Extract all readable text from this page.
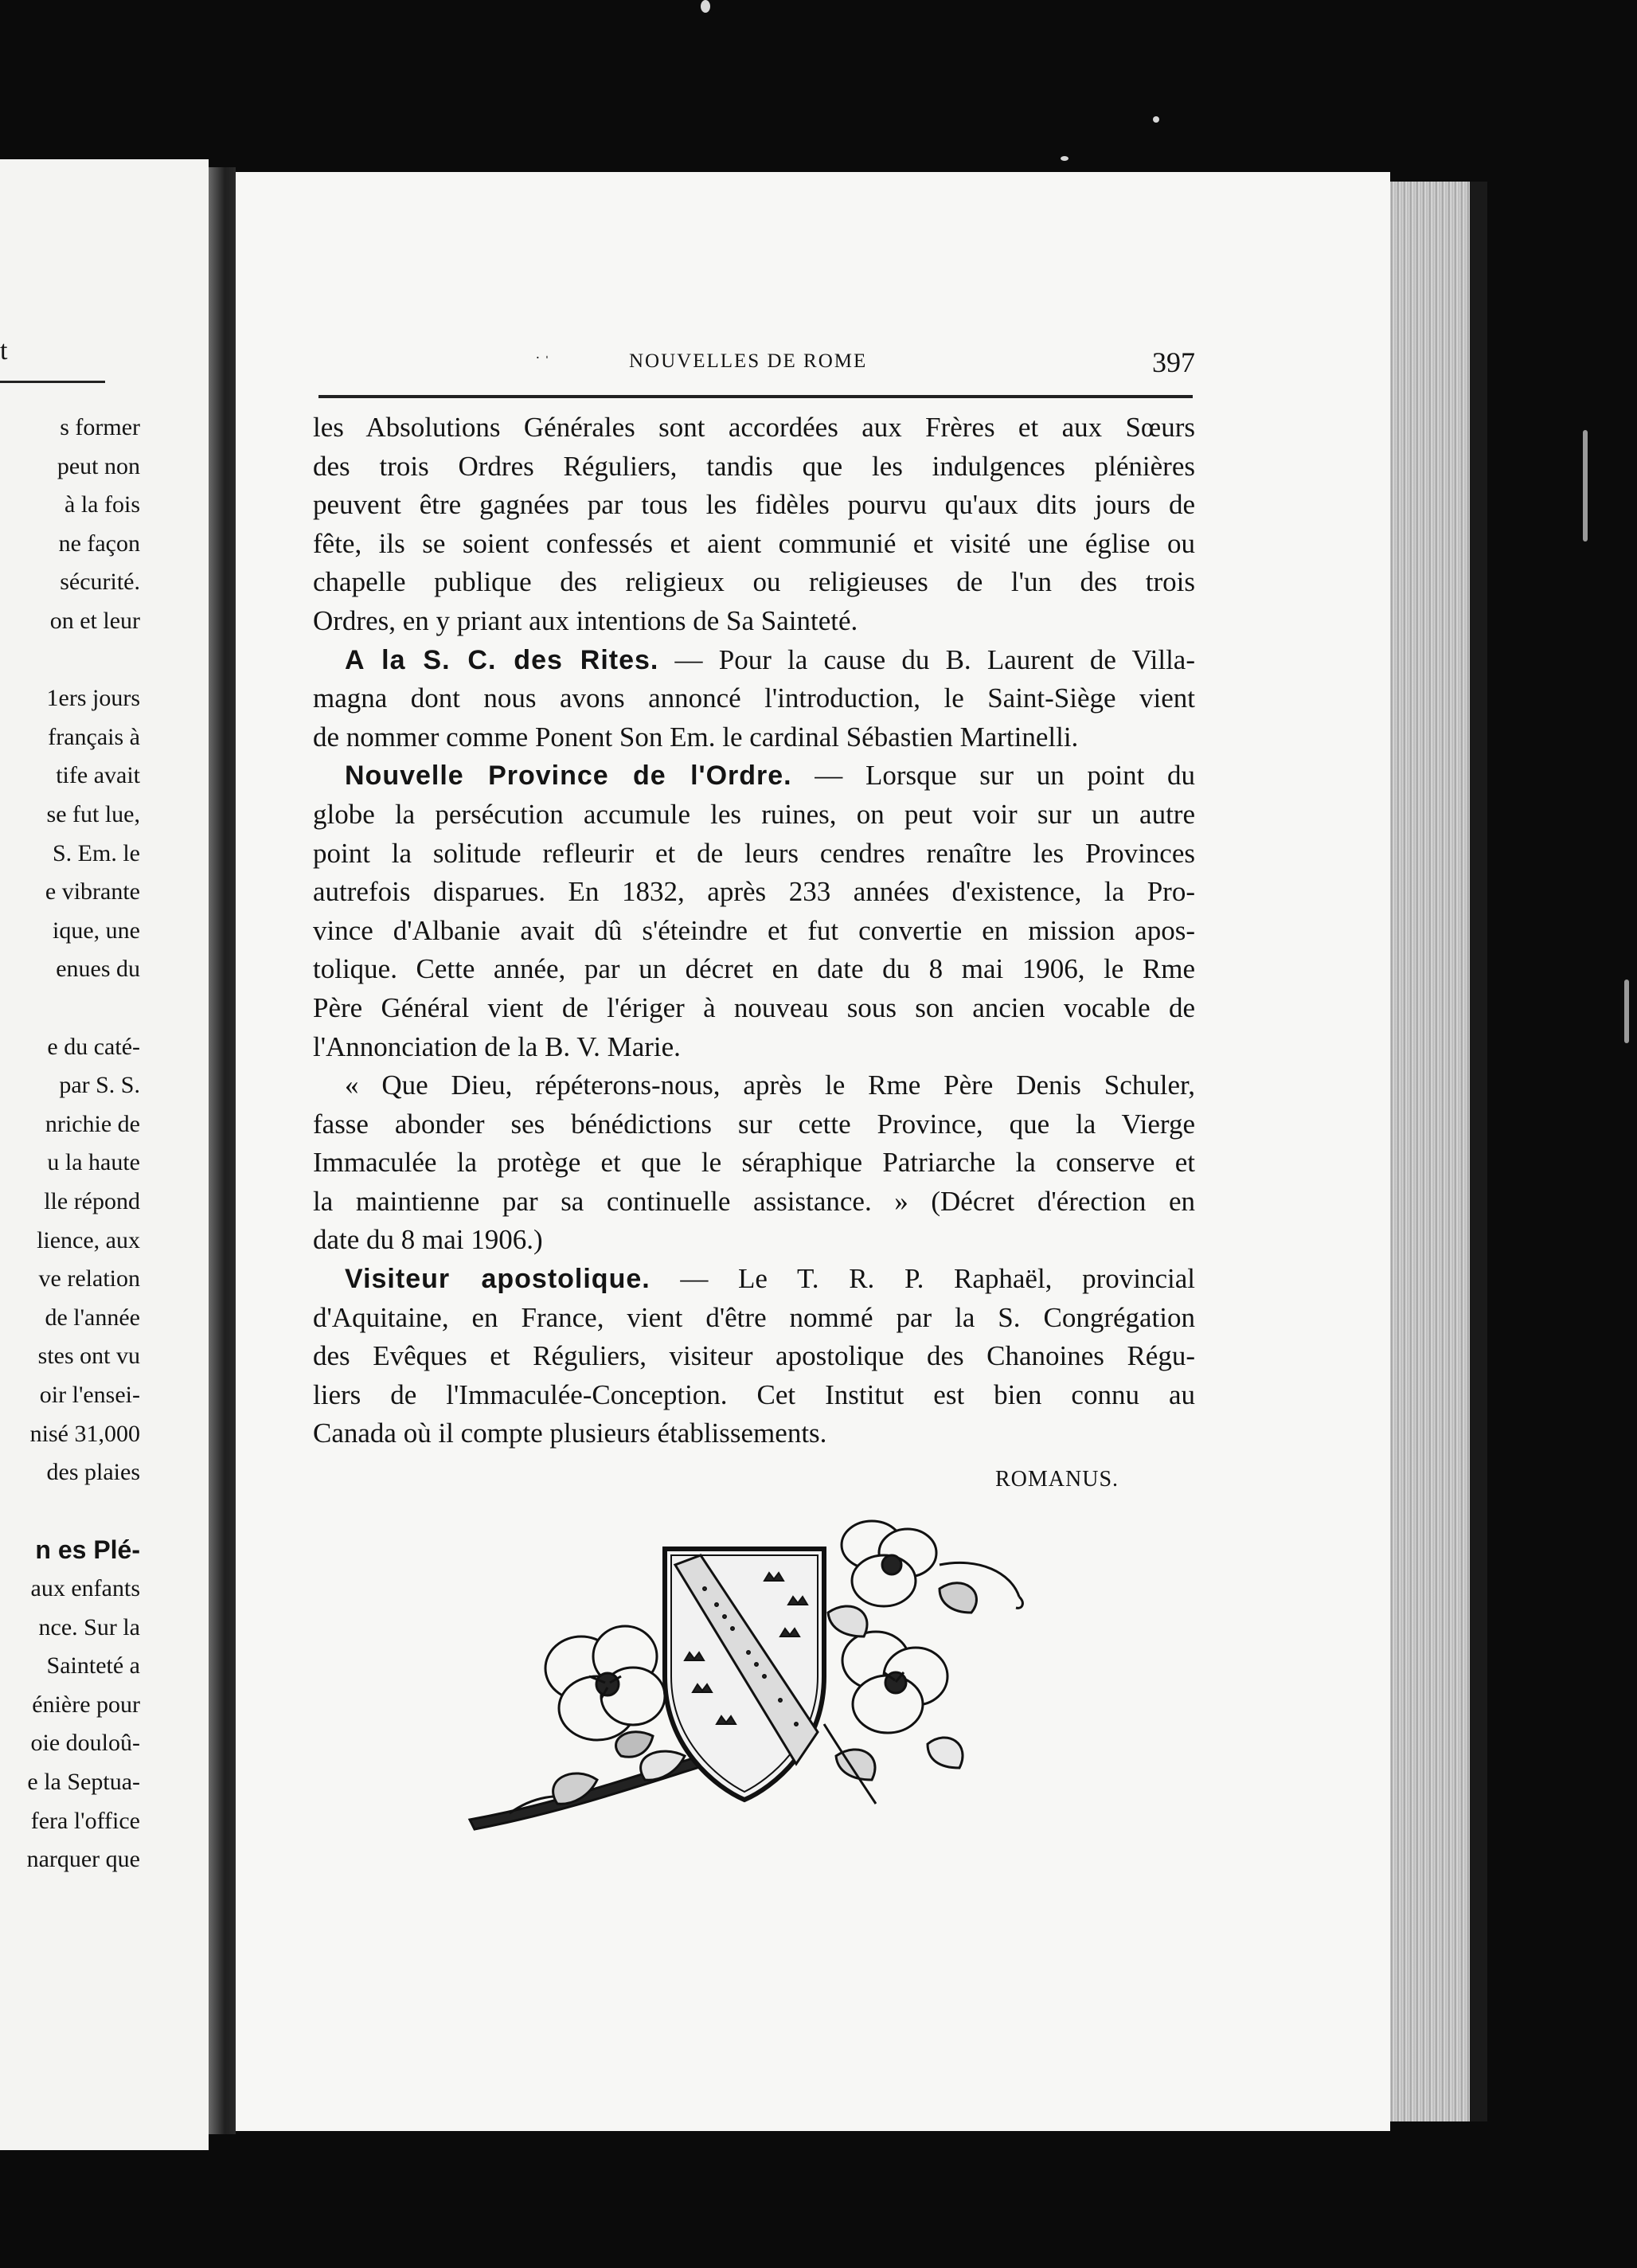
t
s former
peut non
à la fois
ne façon
sécurité.
on et leur
1ers jours
français à
tife avait
se fut lue,
S. Em. le
e vibrante
ique, une
enues du
e du caté-
par S. S.
nrichie de
u la haute
lle répond
lience, aux
ve relation
de l'année
stes ont vu
oir l'ensei-
nisé 31,000
des plaies
n es Plé-
aux enfants
nce. Sur la
Sainteté a
énière pour
oie douloû-
e la Septua-
fera l'office
narquer que
˙ ˈ	NOUVELLES DE ROME	397
les Absolutions Générales sont accordées aux Frères et aux Sœurs
des trois Ordres Réguliers, tandis que les indulgences plénières
peuvent être gagnées par tous les fidèles pourvu qu'aux dits jours de
fête, ils se soient confessés et aient communié et visité une église ou
chapelle publique des religieux ou religieuses de l'un des trois
Ordres, en y priant aux intentions de Sa Sainteté.
A la S. C. des Rites. — Pour la cause du B. Laurent de Villa-
magna dont nous avons annoncé l'introduction, le Saint-Siège vient
de nommer comme Ponent Son Em. le cardinal Sébastien Martinelli.
Nouvelle Province de l'Ordre. — Lorsque sur un point du
globe la persécution accumule les ruines, on peut voir sur un autre
point la solitude refleurir et de leurs cendres renaître les Provinces
autrefois disparues. En 1832, après 233 années d'existence, la Pro-
vince d'Albanie avait dû s'éteindre et fut convertie en mission apos-
tolique. Cette année, par un décret en date du 8 mai 1906, le Rme
Père Général vient de l'ériger à nouveau sous son ancien vocable de
l'Annonciation de la B. V. Marie.
« Que Dieu, répéterons-nous, après le Rme Père Denis Schuler,
fasse abonder ses bénédictions sur cette Province, que la Vierge
Immaculée la protège et que le séraphique Patriarche la conserve et
la maintienne par sa continuelle assistance. » (Décret d'érection en
date du 8 mai 1906.)
Visiteur apostolique. — Le T. R. P. Raphaël, provincial
d'Aquitaine, en France, vient d'être nommé par la S. Congrégation
des Evêques et Réguliers, visiteur apostolique des Chanoines Régu-
liers de l'Immaculée-Conception. Cet Institut est bien connu au
Canada où il compte plusieurs établissements.
ROMANUS.
